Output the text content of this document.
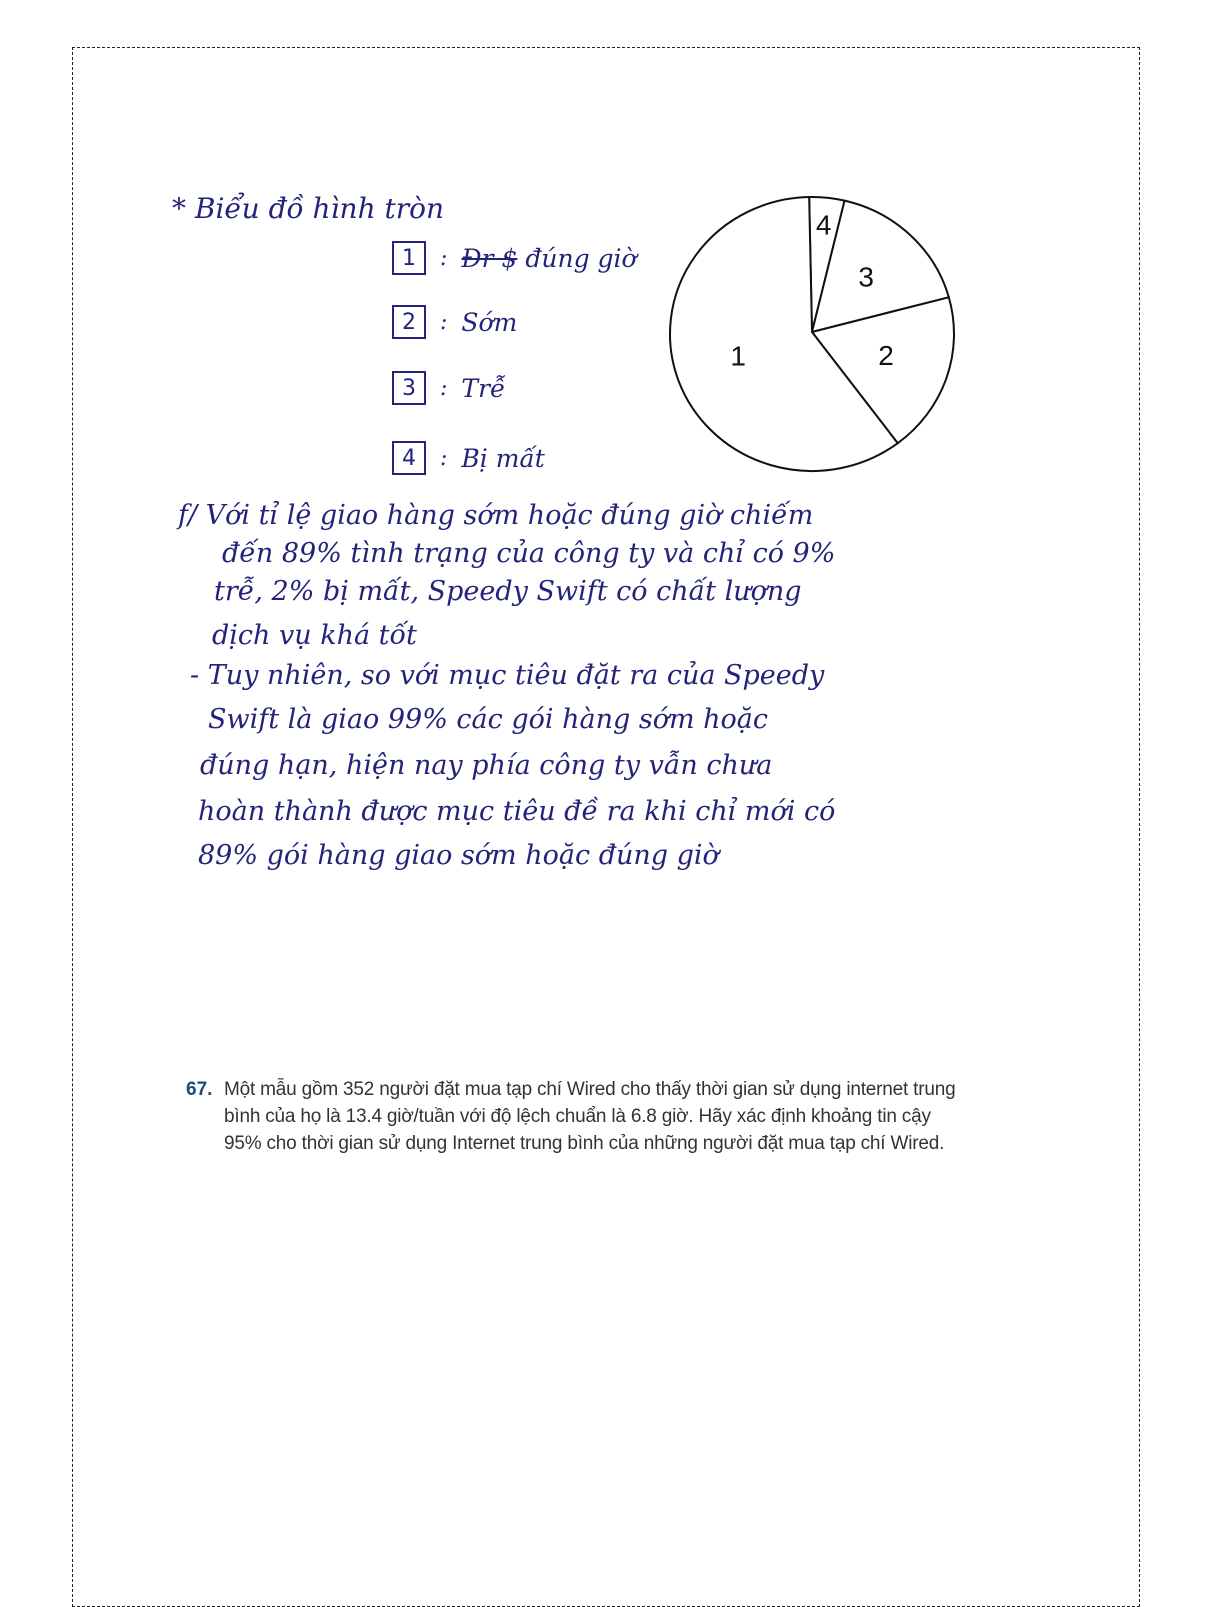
* Biểu đồ hình tròn
1	: Đr $ đúng giờ
2	: Sớm
3	: Trễ
4	: Bị mất
4
3
2
1
f/ Với tỉ lệ giao hàng sớm hoặc đúng giờ chiếm
đến 89% tình trạng của công ty và chỉ có 9%
trễ, 2% bị mất, Speedy Swift có chất lượng
dịch vụ khá tốt
- Tuy nhiên, so với mục tiêu đặt ra của Speedy
Swift là giao 99% các gói hàng sớm hoặc
đúng hạn, hiện nay phía công ty vẫn chưa
hoàn thành được mục tiêu đề ra khi chỉ mới có
89% gói hàng giao sớm hoặc đúng giờ
67. Một mẫu gồm 352 người đặt mua tạp chí Wired cho thấy thời gian sử dụng internet trung
bình của họ là 13.4 giờ/tuần với độ lệch chuẩn là 6.8 giờ. Hãy xác định khoảng tin cậy
95% cho thời gian sử dụng Internet trung bình của những người đặt mua tạp chí Wired.
